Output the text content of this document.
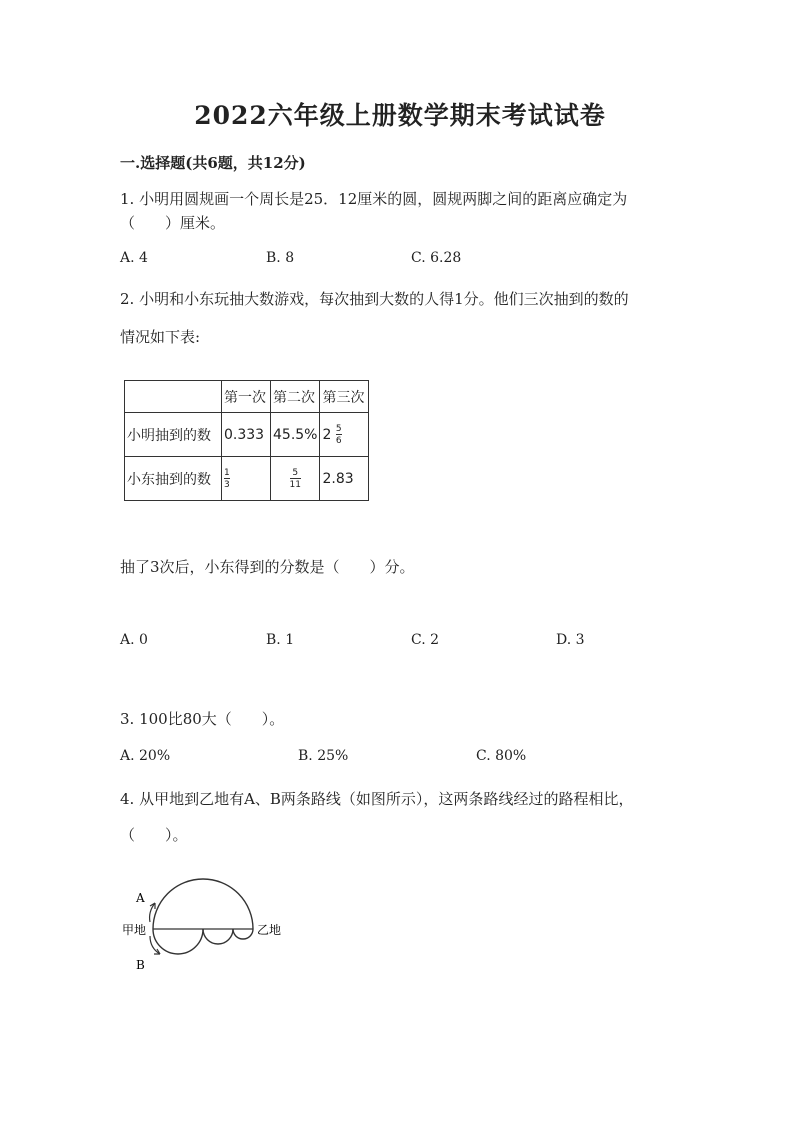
2022六年级上册数学期末考试试卷
一.选择题(共6题，共12分)
1. 小明用圆规画一个周长是25．12厘米的圆，圆规两脚之间的距离应确定为
（　　）厘米。
A. 4	B. 8	C. 6.28
2. 小明和小东玩抽大数游戏，每次抽到大数的人得1分。他们三次抽到的数的
情况如下表:
	第一次	第二次	第三次
小明抽到的数	0.333	45.5%	$2 \frac{5}{6}$

小东抽到的数	$\frac{1}{3}$	$\frac{5}{11}$	2.83
抽了3次后，小东得到的分数是（　　）分。
A. 0	B. 1	C. 2	D. 3
3. 100比80大（　　）。
A. 20%	B. 25%	C. 80%
4. 从甲地到乙地有A、B两条路线（如图所示），这两条路线经过的路程相比，
（　　）。
A
B
甲地	乙地
